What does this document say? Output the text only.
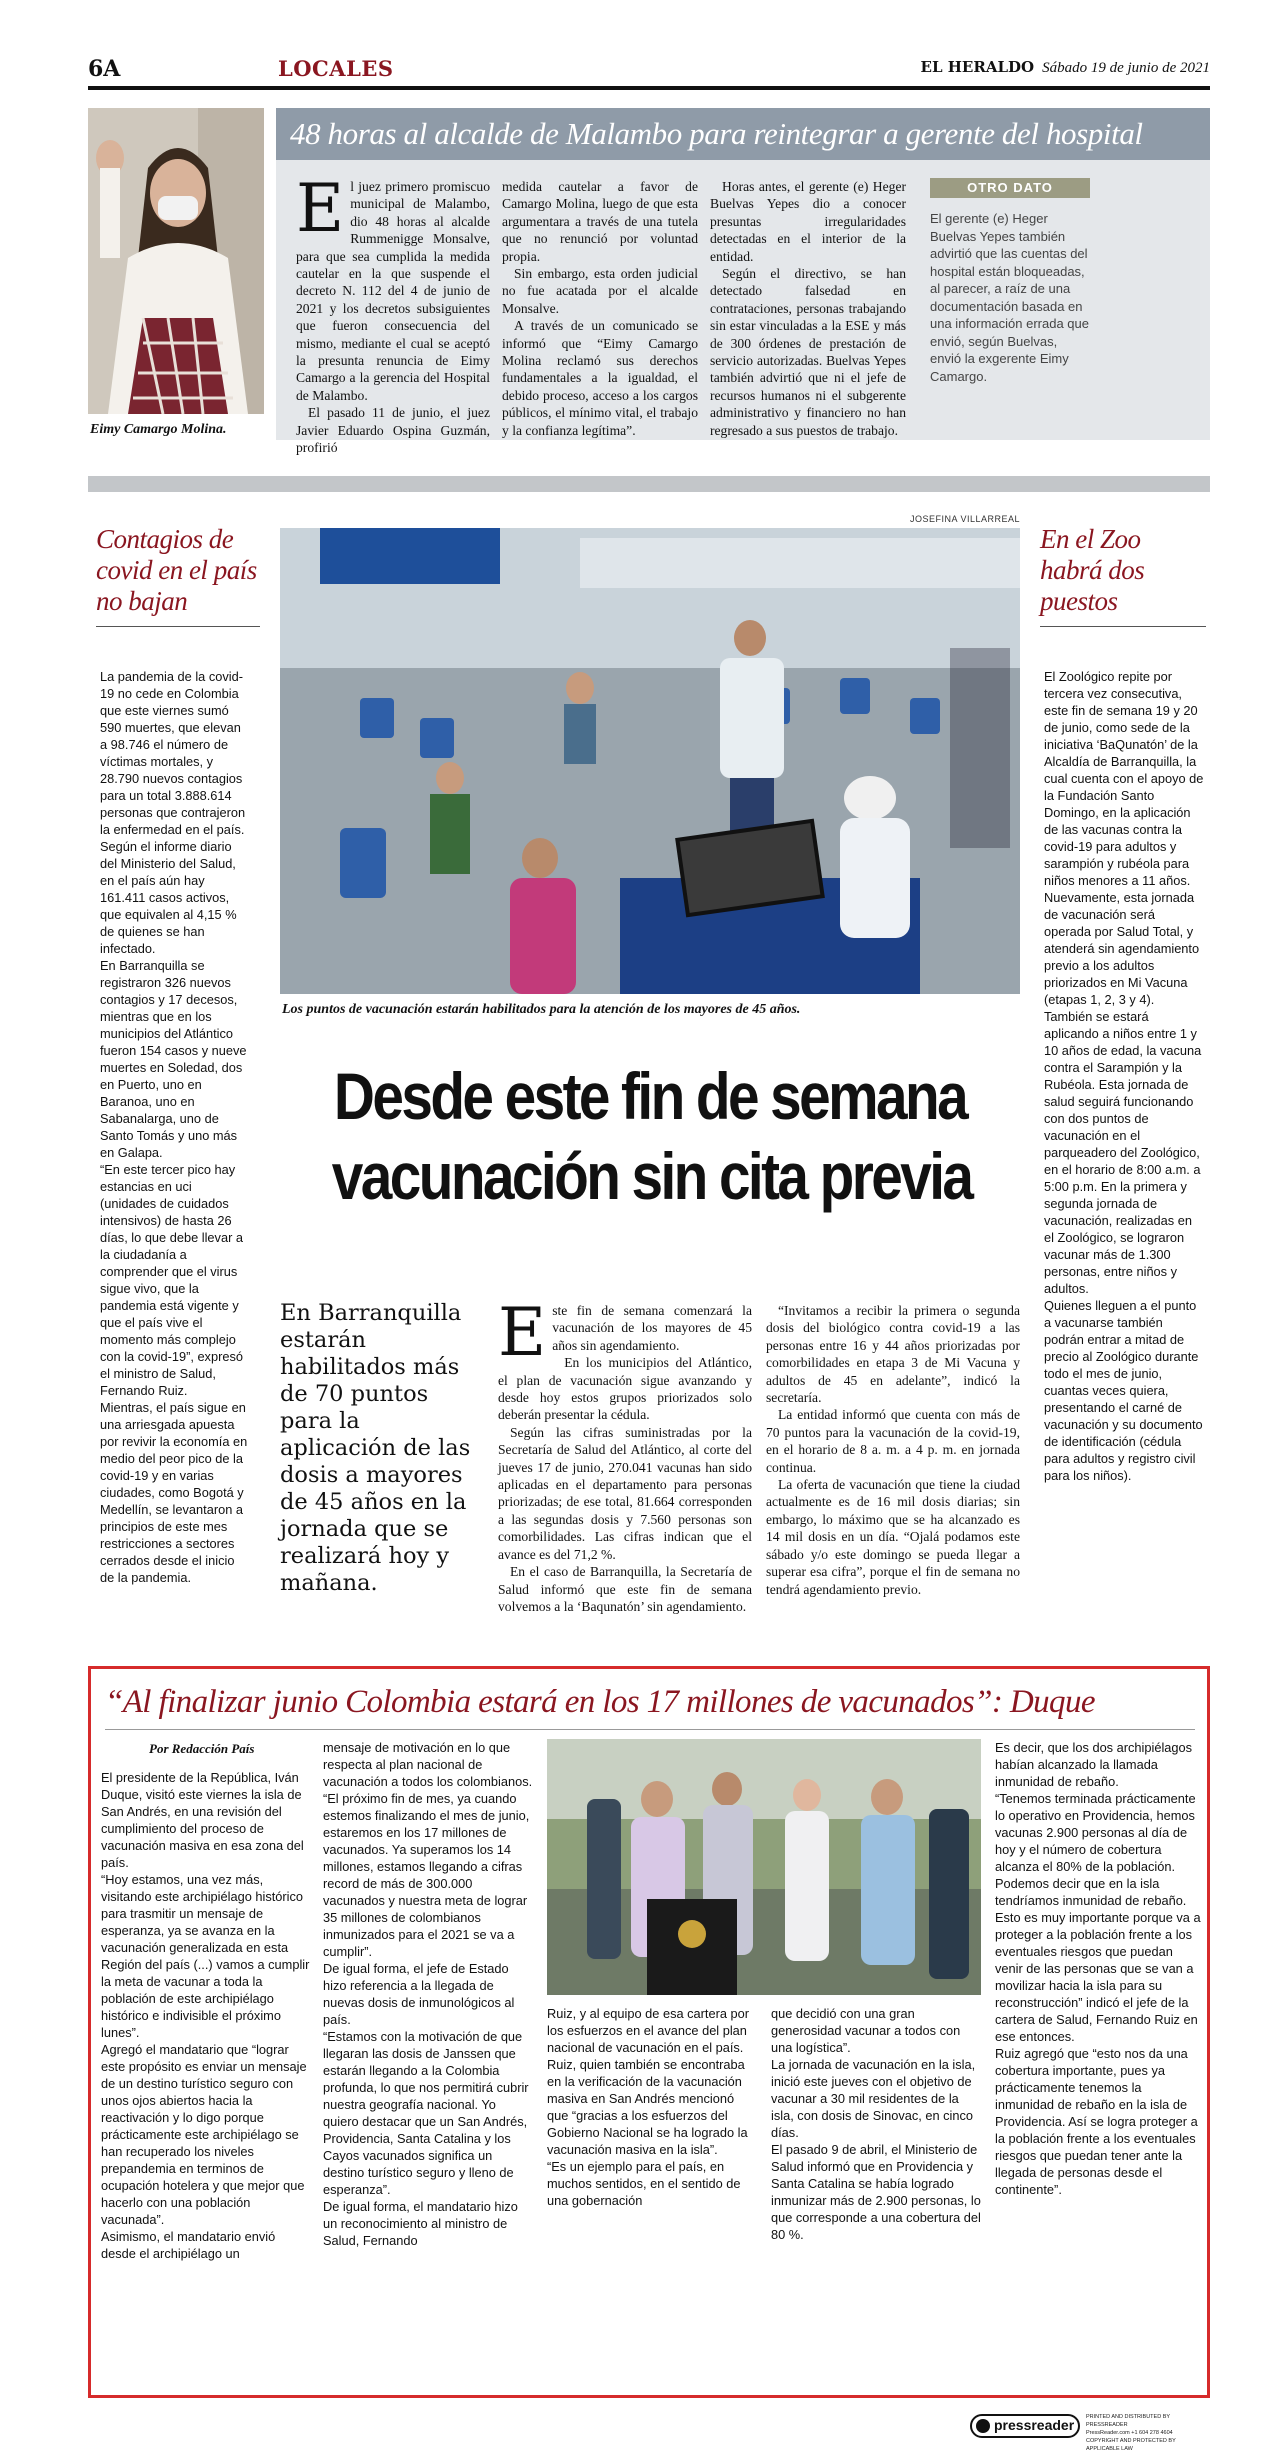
6A	LOCALES	EL HERALDO Sábado 19 de junio de 2021
Eimy Camargo Molina.
48 horas al alcalde de Malambo para reintegrar a gerente del hospital
E l juez primero promiscuo municipal de Malambo, dio 48 horas al alcalde Rummenigge Monsalve, para que sea cumplida la medida cautelar en la que suspende el decreto N. 112 del 4 de junio de 2021 y los decretos subsiguientes que fueron consecuencia del mismo, mediante el cual se aceptó la presunta renuncia de Eimy Camargo a la gerencia del Hospital de Malambo.

El pasado 11 de junio, el juez Javier Eduardo Ospina Guzmán, profirió

medida cautelar a favor de Camargo Molina, luego de que esta argumentara a través de una tutela que no renunció por voluntad propia.

Sin embargo, esta orden judicial no fue acatada por el alcalde Monsalve.

A través de un comunicado se informó que “Eimy Camargo Molina reclamó sus derechos fundamentales a la igualdad, el debido proceso, acceso a los cargos públicos, el mínimo vital, el trabajo y la confianza legítima”.

Horas antes, el gerente (e) Heger Buelvas Yepes dio a conocer presuntas irregularidades detectadas en el interior de la entidad.

Según el directivo, se han detectado falsedad en contrataciones, personas trabajando sin estar vinculadas a la ESE y más de 300 órdenes de prestación de servicio autorizadas. Buelvas Yepes también advirtió que ni el jefe de recursos humanos ni el subgerente administrativo y financiero no han regresado a sus puestos de trabajo.

OTRO DATO
El gerente (e) Heger Buelvas Yepes también advirtió que las cuentas del hospital están bloqueadas, al parecer, a raíz de una documentación basada en una información errada que envió, según Buelvas, envió la exgerente Eimy Camargo.
Contagios de covid en el país no bajan

La pandemia de la covid-19 no cede en Colombia que este viernes sumó 590 muertes, que elevan a 98.746 el número de víctimas mortales, y 28.790 nuevos contagios para un total 3.888.614 personas que contrajeron la enfermedad en el país. Según el informe diario del Ministerio del Salud, en el país aún hay 161.411 casos activos, que equivalen al 4,15 % de quienes se han infectado.

En Barranquilla se registraron 326 nuevos contagios y 17 decesos, mientras que en los municipios del Atlántico fueron 154 casos y nueve muertes en Soledad, dos en Puerto, uno en Baranoa, uno en Sabanalarga, uno de Santo Tomás y uno más en Galapa.

“En este tercer pico hay estancias en uci (unidades de cuidados intensivos) de hasta 26 días, lo que debe llevar a la ciudadanía a comprender que el virus sigue vivo, que la pandemia está vigente y que el país vive el momento más complejo con la covid-19”, expresó el ministro de Salud, Fernando Ruiz.

Mientras, el país sigue en una arriesgada apuesta por revivir la economía en medio del peor pico de la covid-19 y en varias ciudades, como Bogotá y Medellín, se levantaron a principios de este mes restricciones a sectores cerrados desde el inicio de la pandemia.

JOSEFINA VILLARREAL
Los puntos de vacunación estarán habilitados para la atención de los mayores de 45 años.
Desde este fin de semana
vacunación sin cita previa
En Barranquilla estarán habilitados más de 70 puntos para la aplicación de las dosis a mayores de 45 años en la jornada que se realizará hoy y mañana.
E ste fin de semana comenzará la vacunación de los mayores de 45 años sin agendamiento.

En los municipios del Atlántico, el plan de vacunación sigue avanzando y desde hoy estos grupos priorizados solo deberán presentar la cédula.

Según las cifras suministradas por la Secretaría de Salud del Atlántico, al corte del jueves 17 de junio, 270.041 vacunas han sido aplicadas en el departamento para personas priorizadas; de ese total, 81.664 corresponden a las segundas dosis y 7.560 personas son comorbilidades. Las cifras indican que el avance es del 71,2 %.

En el caso de Barranquilla, la Secretaría de Salud informó que este fin de semana volvemos a la ‘Baqunatón’ sin agendamiento.

“Invitamos a recibir la primera o segunda dosis del biológico contra covid-19 a las personas entre 16 y 44 años priorizadas por comorbilidades en etapa 3 de Mi Vacuna y adultos de 45 en adelante”, indicó la secretaría.

La entidad informó que cuenta con más de 70 puntos para la vacunación de la covid-19, en el horario de 8 a. m. a 4 p. m. en jornada continua.

La oferta de vacunación que tiene la ciudad actualmente es de 16 mil dosis diarias; sin embargo, lo máximo que se ha alcanzado es 14 mil dosis en un día. “Ojalá podamos este sábado y/o este domingo se pueda llegar a superar esa cifra”, porque el fin de semana no tendrá agendamiento previo.

En el Zoo habrá dos puestos

El Zoológico repite por tercera vez consecutiva, este fin de semana 19 y 20 de junio, como sede de la iniciativa ‘BaQunatón’ de la Alcaldía de Barranquilla, la cual cuenta con el apoyo de la Fundación Santo Domingo, en la aplicación de las vacunas contra la covid-19 para adultos y sarampión y rubéola para niños menores a 11 años.

Nuevamente, esta jornada de vacunación será operada por Salud Total, y atenderá sin agendamiento previo a los adultos priorizados en Mi Vacuna (etapas 1, 2, 3 y 4). También se estará aplicando a niños entre 1 y 10 años de edad, la vacuna contra el Sarampión y la Rubéola. Esta jornada de salud seguirá funcionando con dos puntos de vacunación en el parqueadero del Zoológico, en el horario de 8:00 a.m. a 5:00 p.m. En la primera y segunda jornada de vacunación, realizadas en el Zoológico, se lograron vacunar más de 1.300 personas, entre niños y adultos.

Quienes lleguen a el punto a vacunarse también podrán entrar a mitad de precio al Zoológico durante todo el mes de junio, cuantas veces quiera, presentando el carné de vacunación y su documento de identificación (cédula para adultos y registro civil para los niños).

“Al finalizar junio Colombia estará en los 17 millones de vacunados”: Duque
Por Redacción País

El presidente de la República, Iván Duque, visitó este viernes la isla de San Andrés, en una revisión del cumplimiento del proceso de vacunación masiva en esa zona del país.

“Hoy estamos, una vez más, visitando este archipiélago histórico para trasmitir un mensaje de esperanza, ya se avanza en la vacunación generalizada en esta Región del país (...) vamos a cumplir la meta de vacunar a toda la población de este archipiélago histórico e indivisible el próximo lunes”.

Agregó el mandatario que “lograr este propósito es enviar un mensaje de un destino turístico seguro con unos ojos abiertos hacia la reactivación y lo digo porque prácticamente este archipiélago se han recuperado los niveles prepandemia en terminos de ocupación hotelera y que mejor que hacerlo con una población vacunada”.

Asimismo, el mandatario envió desde el archipiélago un

mensaje de motivación en lo que respecta al plan nacional de vacunación a todos los colombianos. “El próximo fin de mes, ya cuando estemos finalizando el mes de junio, estaremos en los 17 millones de vacunados. Ya superamos los 14 millones, estamos llegando a cifras record de más de 300.000 vacunados y nuestra meta de lograr 35 millones de colombianos inmunizados para el 2021 se va a cumplir”.

De igual forma, el jefe de Estado hizo referencia a la llegada de nuevas dosis de inmunológicos al país.

“Estamos con la motivación de que llegaran las dosis de Janssen que estarán llegando a la Colombia profunda, lo que nos permitirá cubrir nuestra geografía nacional. Yo quiero destacar que un San Andrés, Providencia, Santa Catalina y los Cayos vacunados significa un destino turístico seguro y lleno de esperanza”.

De igual forma, el mandatario hizo un reconocimiento al ministro de Salud, Fernando

Ruiz, y al equipo de esa cartera por los esfuerzos en el avance del plan nacional de vacunación en el país.

Ruiz, quien también se encontraba en la verificación de la vacunación masiva en San Andrés mencionó que “gracias a los esfuerzos del Gobierno Nacional se ha logrado la vacunación masiva en la isla”.

“Es un ejemplo para el país, en muchos sentidos, en el sentido de una gobernación

que decidió con una gran generosidad vacunar a todos con una logística”.

La jornada de vacunación en la isla, inició este jueves con el objetivo de vacunar a 30 mil residentes de la isla, con dosis de Sinovac, en cinco días.

El pasado 9 de abril, el Ministerio de Salud informó que en Providencia y Santa Catalina se había logrado inmunizar más de 2.900 personas, lo que corresponde a una cobertura del 80 %.

Es decir, que los dos archipiélagos habían alcanzado la llamada inmunidad de rebaño.

“Tenemos terminada prácticamente lo operativo en Providencia, hemos vacunas 2.900 personas al día de hoy y el número de cobertura alcanza el 80% de la población. Podemos decir que en la isla tendríamos inmunidad de rebaño. Esto es muy importante porque va a proteger a la población frente a los eventuales riesgos que puedan venir de las personas que se van a movilizar hacia la isla para su reconstrucción” indicó el jefe de la cartera de Salud, Fernando Ruiz en ese entonces.

Ruiz agregó que “esto nos da una cobertura importante, pues ya prácticamente tenemos la inmunidad de rebaño en la isla de Providencia. Así se logra proteger a la población frente a los eventuales riesgos que puedan tener ante la llegada de personas desde el continente”.

pressreader PRINTED AND DISTRIBUTED BY PRESSREADER
PressReader.com +1 604 278 4604
COPYRIGHT AND PROTECTED BY APPLICABLE LAW
